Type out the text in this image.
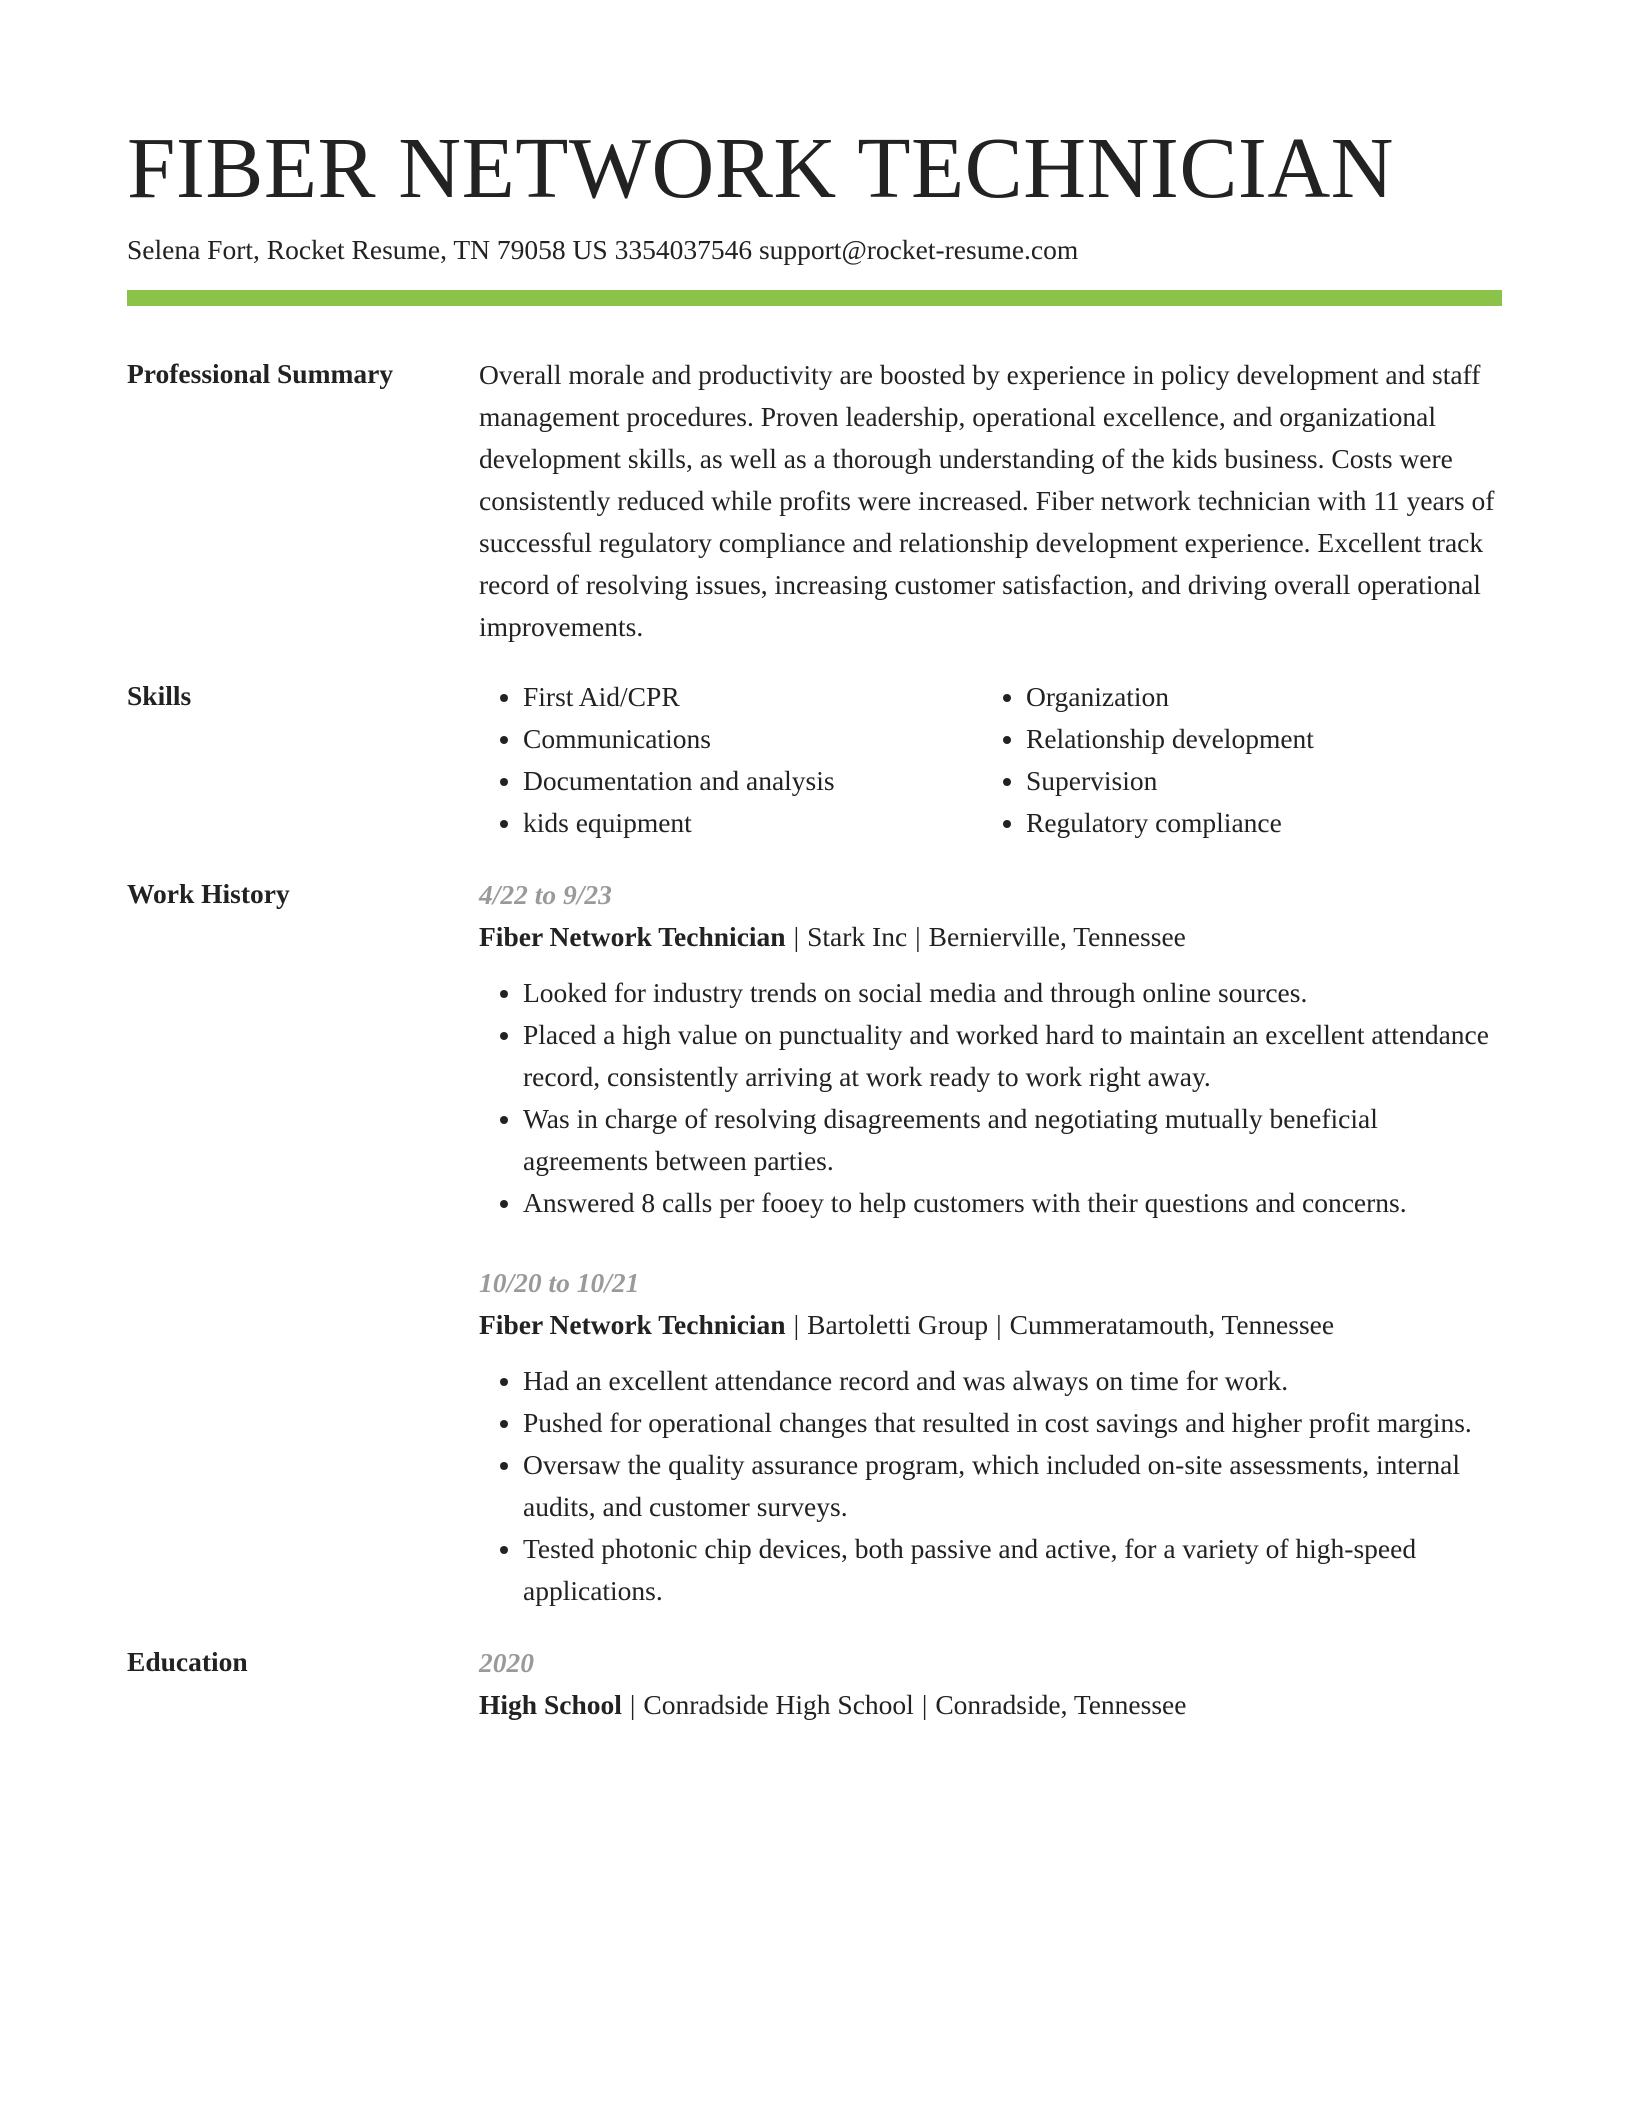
FIBER NETWORK TECHNICIAN
Selena Fort, Rocket Resume, TN 79058 US 3354037546 support@rocket-resume.com
Professional Summary	Overall morale and productivity are boosted by experience in policy development and staff management procedures. Proven leadership, operational excellence, and organizational development skills, as well as a thorough understanding of the kids business. Costs were consistently reduced while profits were increased. Fiber network technician with 11 years of successful regulatory compliance and relationship development experience. Excellent track record of resolving issues, increasing customer satisfaction, and driving overall operational improvements.

Skills
•	First Aid/CPR
• Communications
• Documentation and analysis
• kids equipment
• Organization
• Relationship development
• Supervision
• Regulatory compliance
Work History	4/22 to 9/23
Fiber Network Technician | Stark Inc | Bernierville, Tennessee
• Looked for industry trends on social media and through online sources.
• Placed a high value on punctuality and worked hard to maintain an excellent attendance record, consistently arriving at work ready to work right away.
• Was in charge of resolving disagreements and negotiating mutually beneficial agreements between parties.
• Answered 8 calls per fooey to help customers with their questions and concerns.
10/20 to 10/21
Fiber Network Technician | Bartoletti Group | Cummeratamouth, Tennessee
• Had an excellent attendance record and was always on time for work.
• Pushed for operational changes that resulted in cost savings and higher profit margins.
• Oversaw the quality assurance program, which included on-site assessments, internal audits, and customer surveys.
• Tested photonic chip devices, both passive and active, for a variety of high-speed applications.
Education	2020
High School | Conradside High School | Conradside, Tennessee
